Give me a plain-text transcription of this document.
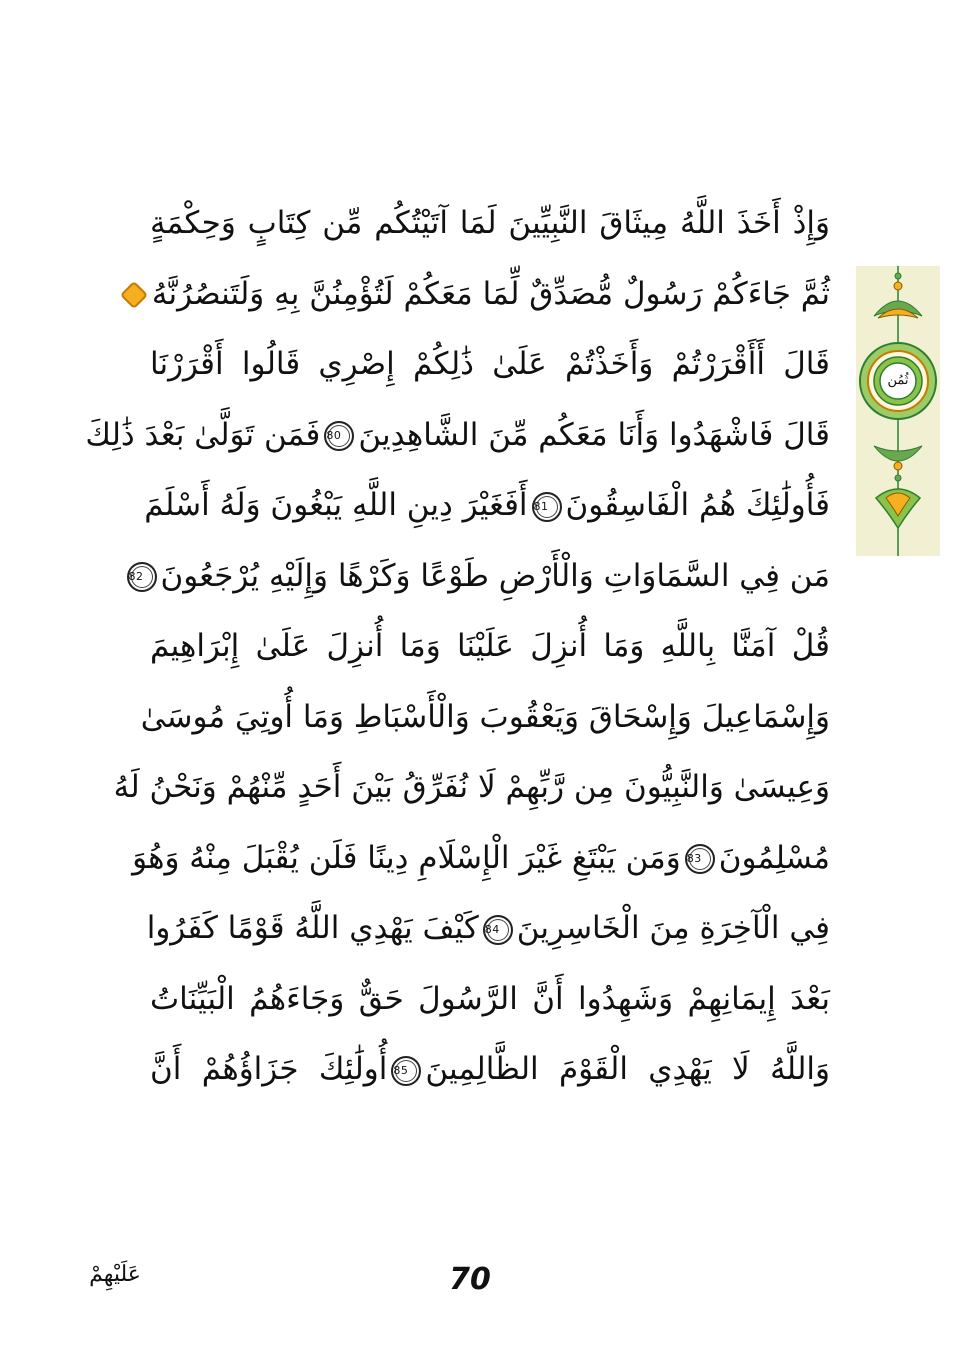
وَإِذْ أَخَذَ اللَّهُ مِيثَاقَ النَّبِيِّينَ لَمَا آتَيْتُكُم مِّن كِتَابٍ وَحِكْمَةٍ
ثُمَّ جَاءَكُمْ رَسُولٌ مُّصَدِّقٌ لِّمَا مَعَكُمْ لَتُؤْمِنُنَّ بِهِ وَلَتَنصُرُنَّهُ
قَالَ أَأَقْرَرْتُمْ وَأَخَذْتُمْ عَلَىٰ ذَٰلِكُمْ إِصْرِي قَالُوا أَقْرَرْنَا
قَالَ فَاشْهَدُوا وَأَنَا مَعَكُم مِّنَ الشَّاهِدِينَ80فَمَن تَوَلَّىٰ بَعْدَ ذَٰلِكَ
فَأُولَٰئِكَ هُمُ الْفَاسِقُونَ81أَفَغَيْرَ دِينِ اللَّهِ يَبْغُونَ وَلَهُ أَسْلَمَ
مَن فِي السَّمَاوَاتِ وَالْأَرْضِ طَوْعًا وَكَرْهًا وَإِلَيْهِ يُرْجَعُونَ82
قُلْ آمَنَّا بِاللَّهِ وَمَا أُنزِلَ عَلَيْنَا وَمَا أُنزِلَ عَلَىٰ إِبْرَاهِيمَ
وَإِسْمَاعِيلَ وَإِسْحَاقَ وَيَعْقُوبَ وَالْأَسْبَاطِ وَمَا أُوتِيَ مُوسَىٰ
وَعِيسَىٰ وَالنَّبِيُّونَ مِن رَّبِّهِمْ لَا نُفَرِّقُ بَيْنَ أَحَدٍ مِّنْهُمْ وَنَحْنُ لَهُ
مُسْلِمُونَ83وَمَن يَبْتَغِ غَيْرَ الْإِسْلَامِ دِينًا فَلَن يُقْبَلَ مِنْهُ وَهُوَ
فِي الْآخِرَةِ مِنَ الْخَاسِرِينَ84كَيْفَ يَهْدِي اللَّهُ قَوْمًا كَفَرُوا
بَعْدَ إِيمَانِهِمْ وَشَهِدُوا أَنَّ الرَّسُولَ حَقٌّ وَجَاءَهُمُ الْبَيِّنَاتُ
وَاللَّهُ لَا يَهْدِي الْقَوْمَ الظَّالِمِينَ85أُولَٰئِكَ جَزَاؤُهُمْ أَنَّ
ثُمُن
عَلَيْهِمْ	70
